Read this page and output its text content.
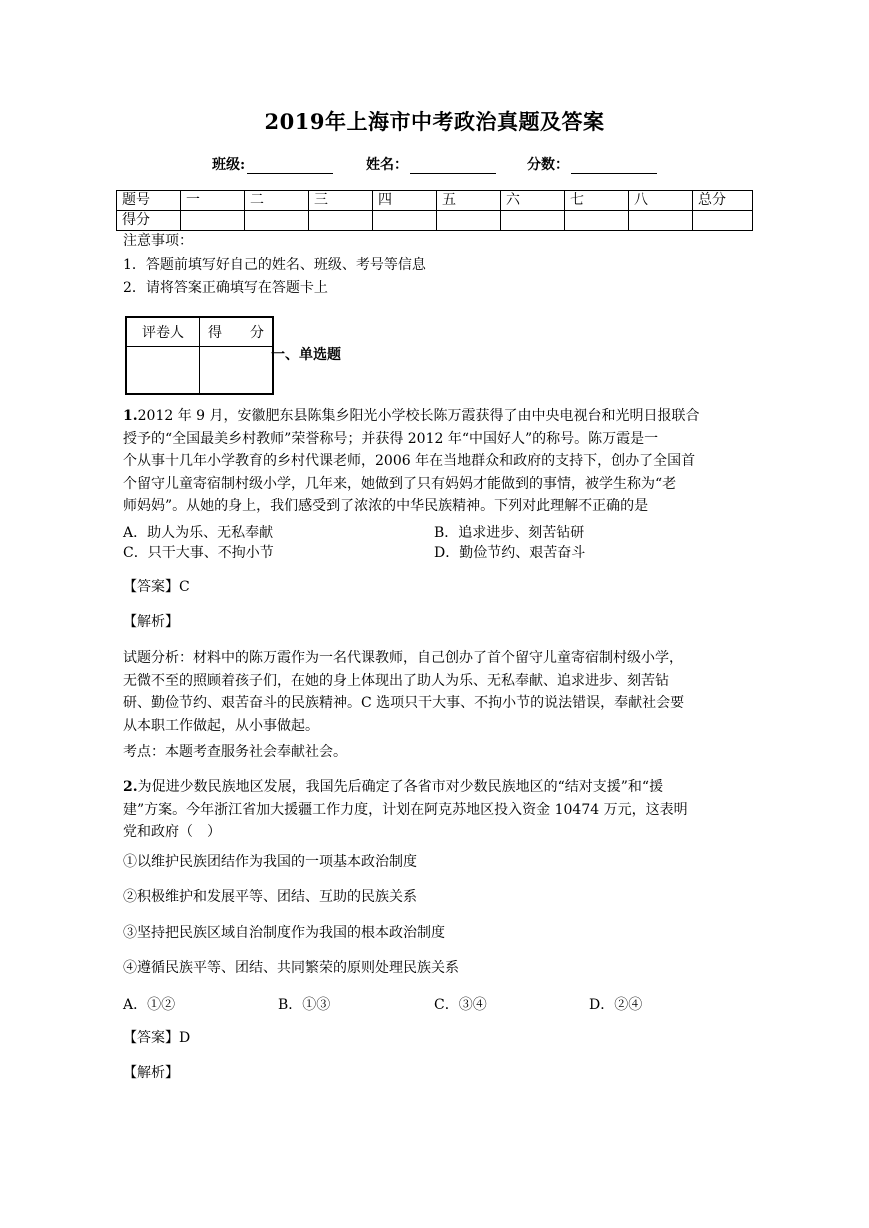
2019年上海市中考政治真题及答案
班级:	姓名：	分数：
题号	一	二	三	四	五	六	七	八	总分
得分									
注意事项：
1．答题前填写好自己的姓名、班级、考号等信息
2．请将答案正确填写在答题卡上
评卷人	得　　分

一、单选题
1.2012 年 9 月，安徽肥东县陈集乡阳光小学校长陈万霞获得了由中央电视台和光明日报联合
授予的“全国最美乡村教师”荣誉称号；并获得 2012 年“中国好人”的称号。陈万霞是一
个从事十几年小学教育的乡村代课老师，2006 年在当地群众和政府的支持下，创办了全国首
个留守儿童寄宿制村级小学，几年来，她做到了只有妈妈才能做到的事情，被学生称为“老
师妈妈”。从她的身上，我们感受到了浓浓的中华民族精神。下列对此理解不正确的是
A．助人为乐、无私奉献	B．追求进步、刻苦钻研
C．只干大事、不拘小节	D．勤俭节约、艰苦奋斗
【答案】C
【解析】
试题分析：材料中的陈万霞作为一名代课教师，自己创办了首个留守儿童寄宿制村级小学，
无微不至的照顾着孩子们，在她的身上体现出了助人为乐、无私奉献、追求进步、刻苦钻
研、勤俭节约、艰苦奋斗的民族精神。C 选项只干大事、不拘小节的说法错误，奉献社会要
从本职工作做起，从小事做起。
考点：本题考查服务社会奉献社会。
2.为促进少数民族地区发展，我国先后确定了各省市对少数民族地区的“结对支援”和“援
建”方案。今年浙江省加大援疆工作力度，计划在阿克苏地区投入资金 10474 万元，这表明
党和政府（　）
①以维护民族团结作为我国的一项基本政治制度
②积极维护和发展平等、团结、互助的民族关系
③坚持把民族区域自治制度作为我国的根本政治制度
④遵循民族平等、团结、共同繁荣的原则处理民族关系
A．①②	B．①③	C．③④	D．②④
【答案】D
【解析】
